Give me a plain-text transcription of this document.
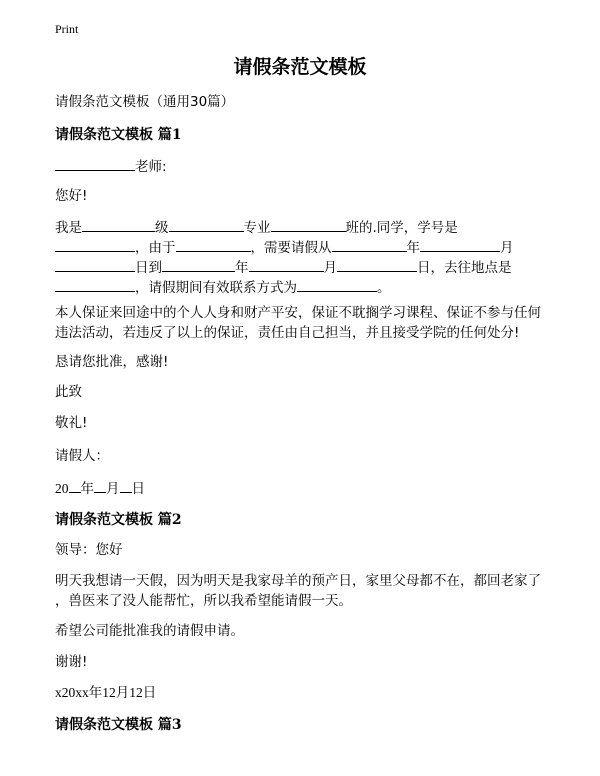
Print
请假条范文模板
请假条范文模板（通用30篇）
请假条范文模板 篇1
老师:
您好!
我是	级	专业	班的.同学，学号是
，由于	，需要请假从	年	月
日到	年	月	日，去往地点是
，请假期间有效联系方式为	。
本人保证来回途中的个人人身和财产平安，保证不耽搁学习课程、保证不参与任何
违法活动，若违反了以上的保证，责任由自己担当，并且接受学院的任何处分!
恳请您批准，感谢!
此致
敬礼!
请假人：
20 年 月 日
请假条范文模板 篇2
领导：您好
明天我想请一天假，因为明天是我家母羊的预产日，家里父母都不在，都回老家了
，兽医来了没人能帮忙，所以我希望能请假一天。
希望公司能批准我的请假申请。
谢谢!
x20xx年12月12日
请假条范文模板 篇3
